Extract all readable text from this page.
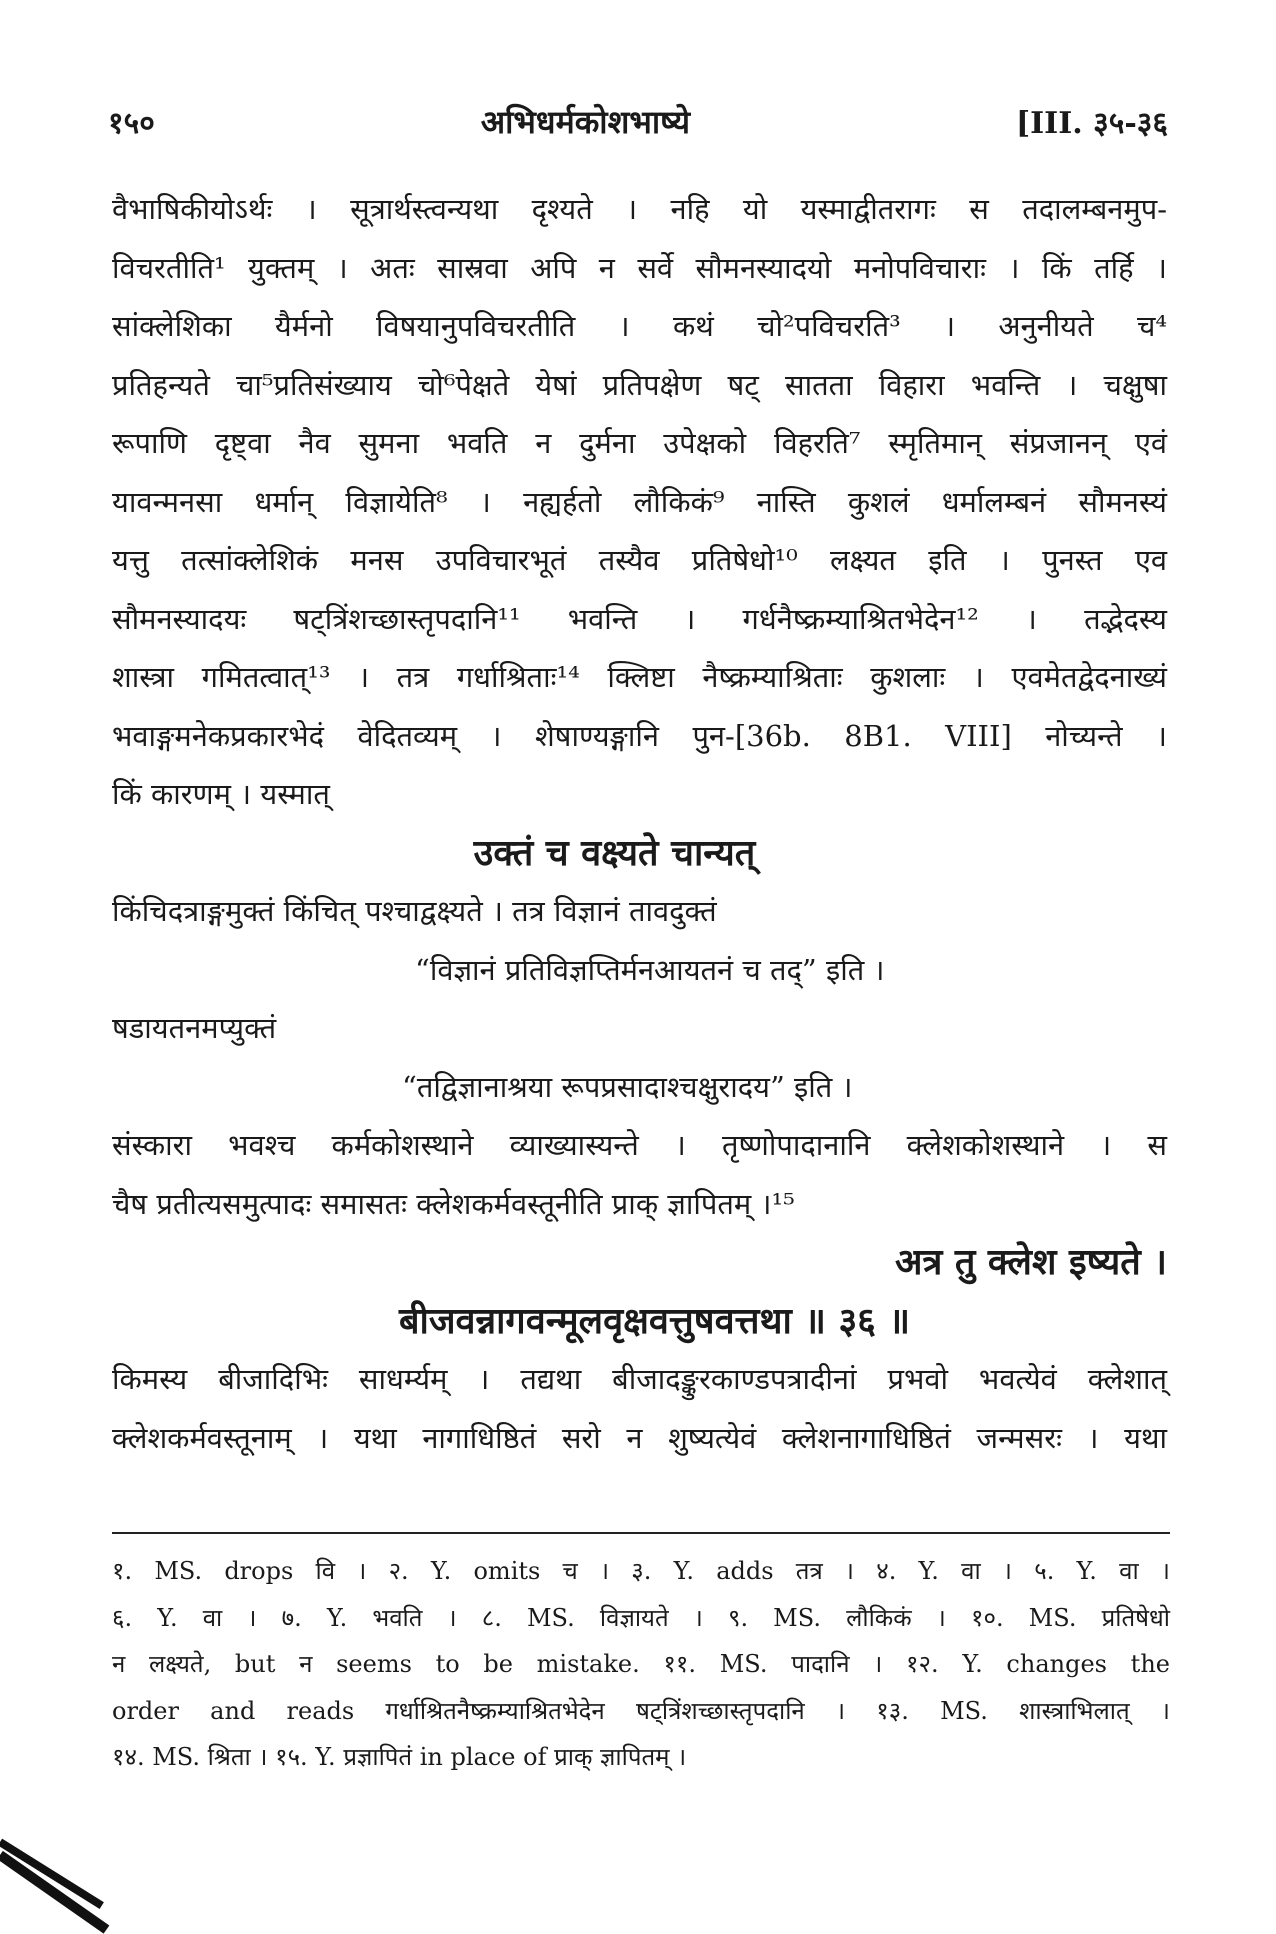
१५०	अभिधर्मकोशभाष्ये	[III. ३५-३६
वैभाषिकीयोऽर्थः । सूत्रार्थस्त्वन्यथा दृश्यते । नहि यो यस्माद्वीतरागः स तदालम्बनमुप-
विचरतीति¹ युक्तम् । अतः सास्रवा अपि न सर्वे सौमनस्यादयो मनोपविचाराः । किं तर्हि ।
सांक्लेशिका यैर्मनो विषयानुपविचरतीति । कथं चो²पविचरति³ । अनुनीयते च⁴
प्रतिहन्यते चा⁵प्रतिसंख्याय चो⁶पेक्षते येषां प्रतिपक्षेण षट् सातता विहारा भवन्ति । चक्षुषा
रूपाणि दृष्ट्वा नैव सुमना भवति न दुर्मना उपेक्षको विहरति⁷ स्मृतिमान् संप्रजानन् एवं
यावन्मनसा धर्मान् विज्ञायेति⁸ । नह्यर्हतो लौकिकं⁹ नास्ति कुशलं धर्मालम्बनं सौमनस्यं
यत्तु तत्सांक्लेशिकं मनस उपविचारभूतं तस्यैव प्रतिषेधो¹⁰ लक्ष्यत इति । पुनस्त एव
सौमनस्यादयः षट्त्रिंशच्छास्तृपदानि¹¹ भवन्ति । गर्धनैष्क्रम्याश्रितभेदेन¹² । तद्भेदस्य
शास्त्रा गमितत्वात्¹³ । तत्र गर्धाश्रिताः¹⁴ क्लिष्टा नैष्क्रम्याश्रिताः कुशलाः । एवमेतद्वेदनाख्यं
भवाङ्गमनेकप्रकारभेदं वेदितव्यम् । शेषाण्यङ्गानि पुन-[36b. 8B1. VIII] नोच्यन्ते ।
किं कारणम् । यस्मात्
उक्तं च वक्ष्यते चान्यत्
किंचिदत्राङ्गमुक्तं किंचित् पश्चाद्वक्ष्यते । तत्र विज्ञानं तावदुक्तं
“विज्ञानं प्रतिविज्ञप्तिर्मनआयतनं च तद्” इति ।
षडायतनमप्युक्तं
“तद्विज्ञानाश्रया रूपप्रसादाश्चक्षुरादय” इति ।
संस्कारा भवश्च कर्मकोशस्थाने व्याख्यास्यन्ते । तृष्णोपादानानि क्लेशकोशस्थाने । स
चैष प्रतीत्यसमुत्पादः समासतः क्लेशकर्मवस्तूनीति प्राक् ज्ञापितम् ।¹⁵
अत्र तु क्लेश इष्यते ।
बीजवन्नागवन्मूलवृक्षवत्तुषवत्तथा ॥ ३६ ॥
किमस्य बीजादिभिः साधर्म्यम् । तद्यथा बीजादङ्कुरकाण्डपत्रादीनां प्रभवो भवत्येवं क्लेशात्
क्लेशकर्मवस्तूनाम् । यथा नागाधिष्ठितं सरो न शुष्यत्येवं क्लेशनागाधिष्ठितं जन्मसरः । यथा
१. MS. drops वि । २. Y. omits च । ३. Y. adds तत्र । ४. Y. वा । ५. Y. वा ।
६. Y. वा । ७. Y. भवति । ८. MS. विज्ञायते । ९. MS. लौकिकं । १०. MS. प्रतिषेधो
न लक्ष्यते, but न seems to be mistake. ११. MS. पादानि । १२. Y. changes the
order and reads गर्धाश्रितनैष्क्रम्याश्रितभेदेन षट्त्रिंशच्छास्तृपदानि । १३. MS. शास्त्राभिलात् ।
१४. MS. श्रिता । १५. Y. प्रज्ञापितं in place of प्राक् ज्ञापितम् ।
